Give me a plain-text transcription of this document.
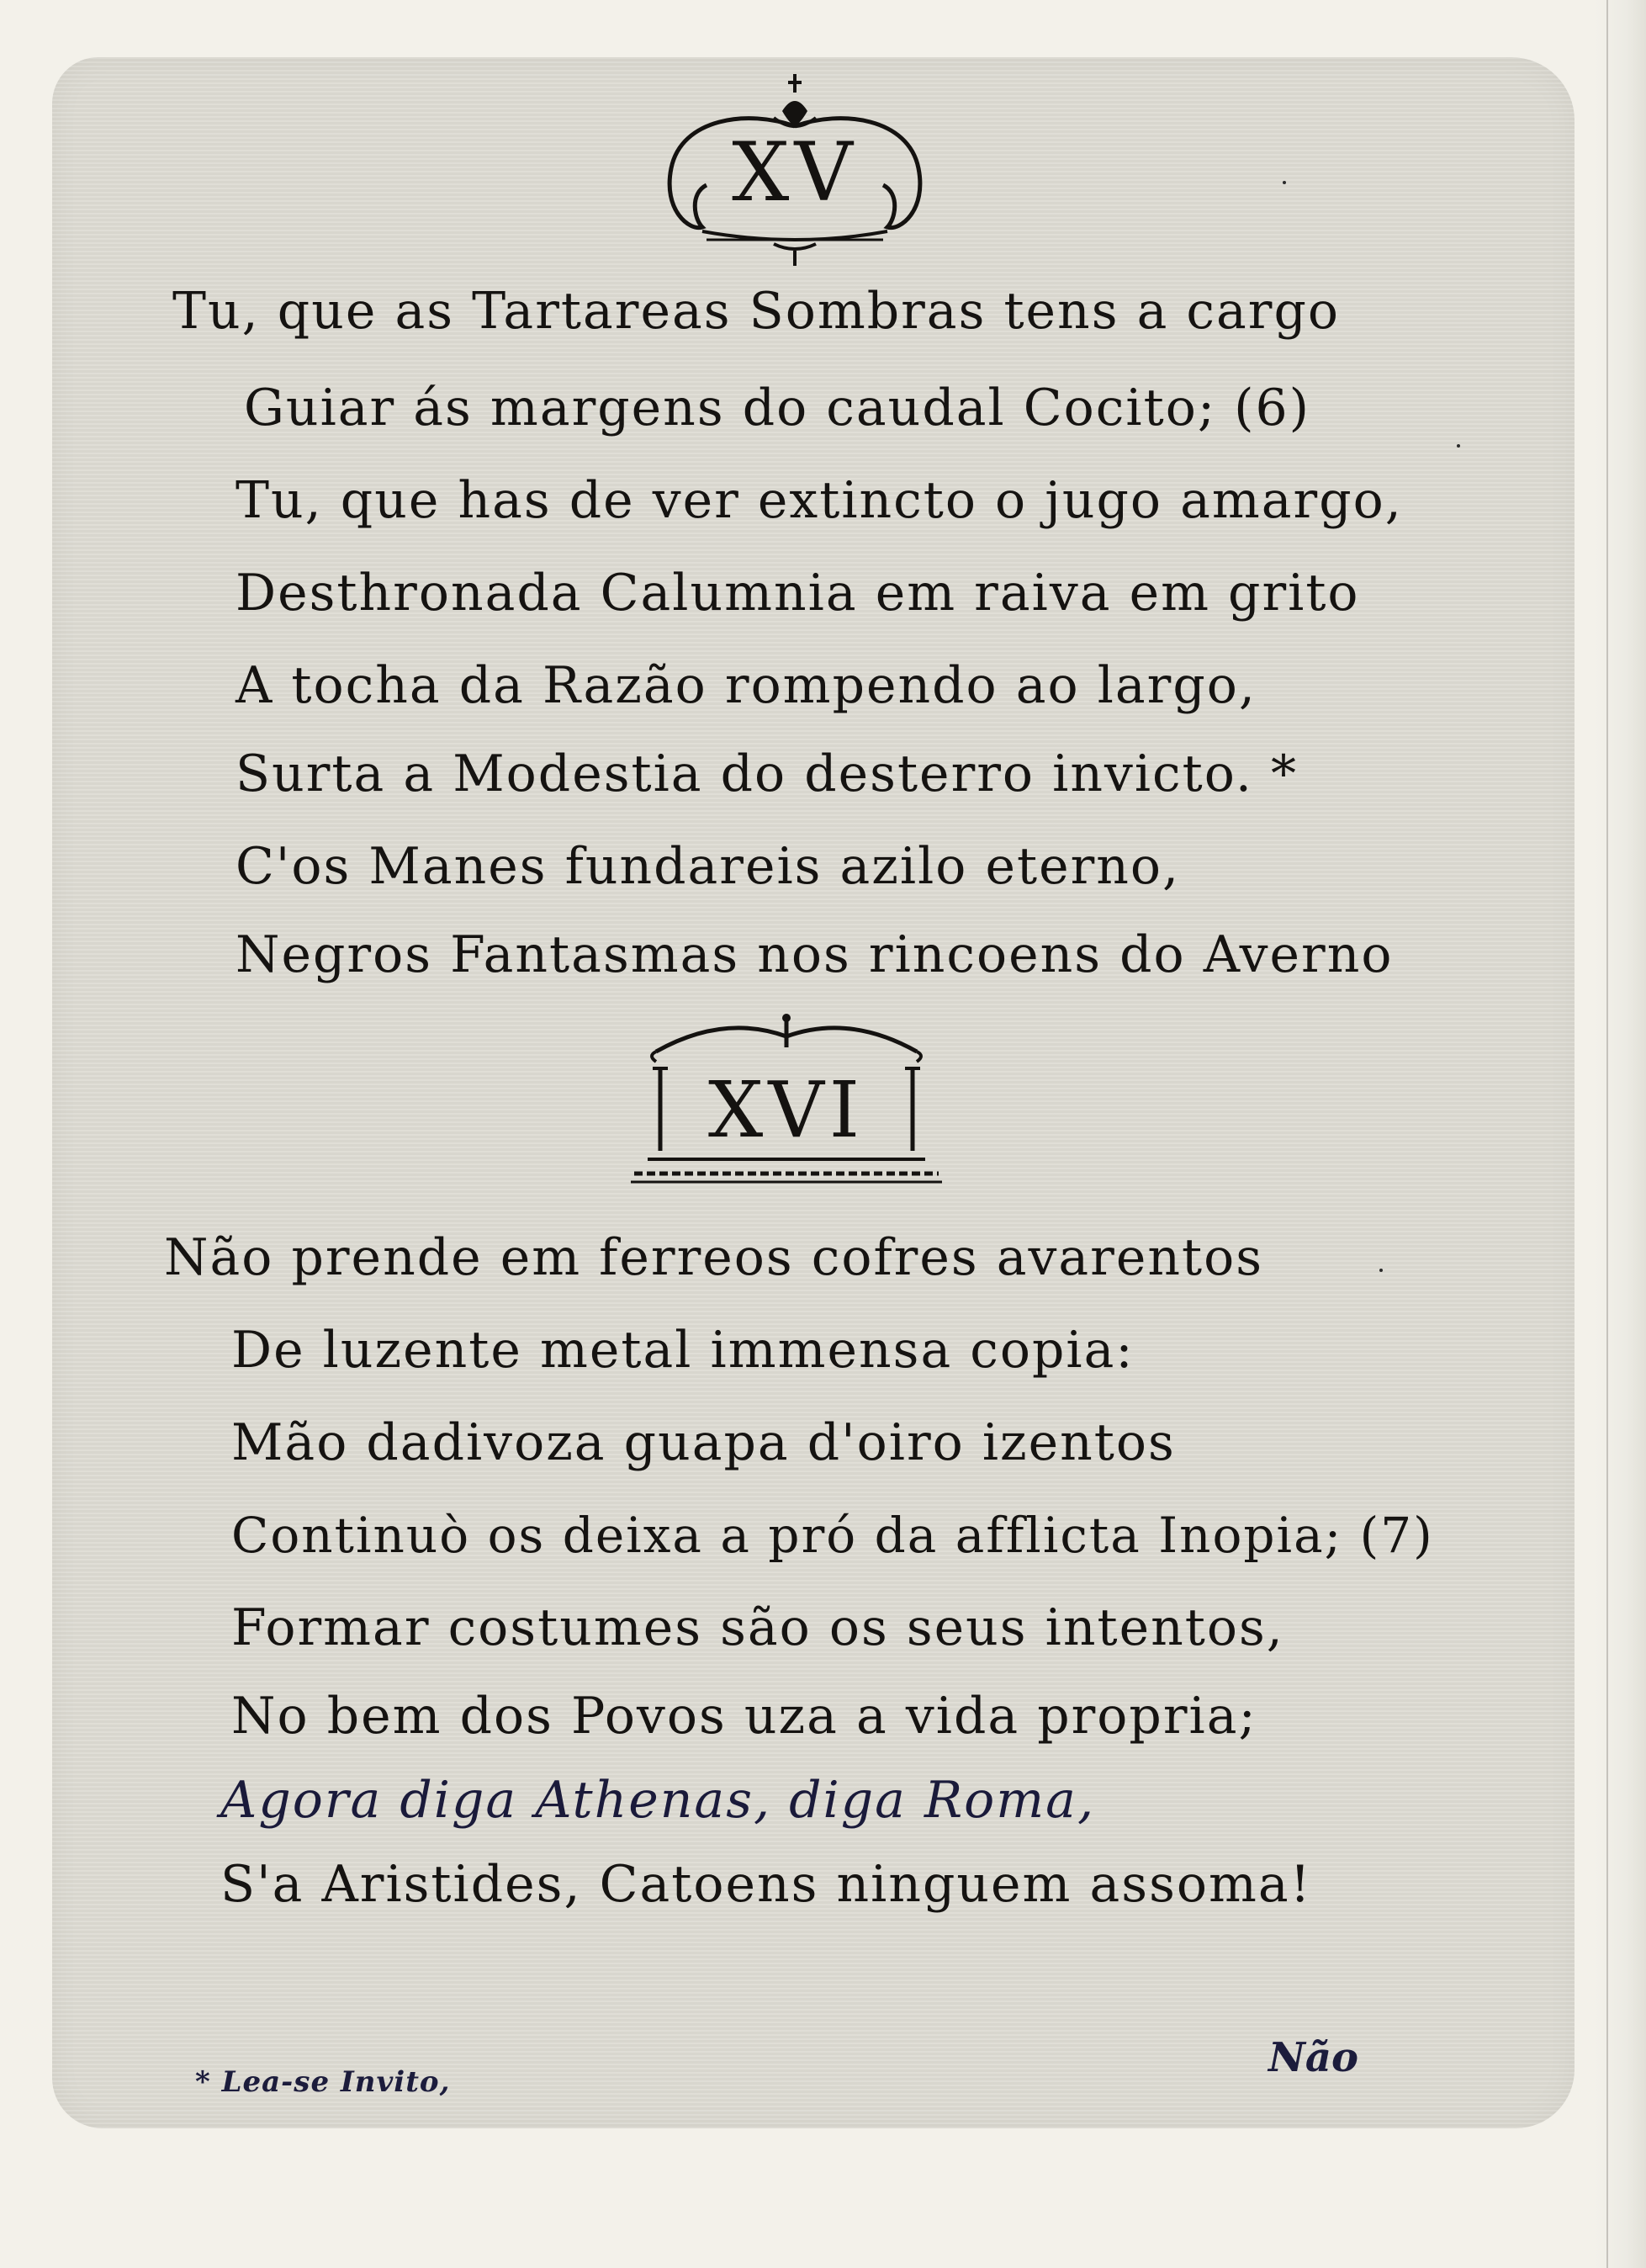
XV
Tu, que as Tartareas Sombras tens a cargo
Guiar ás margens do caudal Cocito; (6)
Tu, que has de ver extincto o jugo amargo,
Desthronada Calumnia em raiva em grito
A tocha da Razão rompendo ao largo,
Surta a Modestia do desterro invicto. *
C'os Manes fundareis azilo eterno,
Negros Fantasmas nos rincoens do Averno
XVI
Não prende em ferreos cofres avarentos
De luzente metal immensa copia:
Mão dadivoza guapa d'oiro izentos
Continuò os deixa a pró da afflicta Inopia; (7)
Formar costumes são os seus intentos,
No bem dos Povos uza a vida propria;
Agora diga Athenas, diga Roma,
S'a Aristides, Catoens ninguem assoma!
* Lea-se Invito,
Não
